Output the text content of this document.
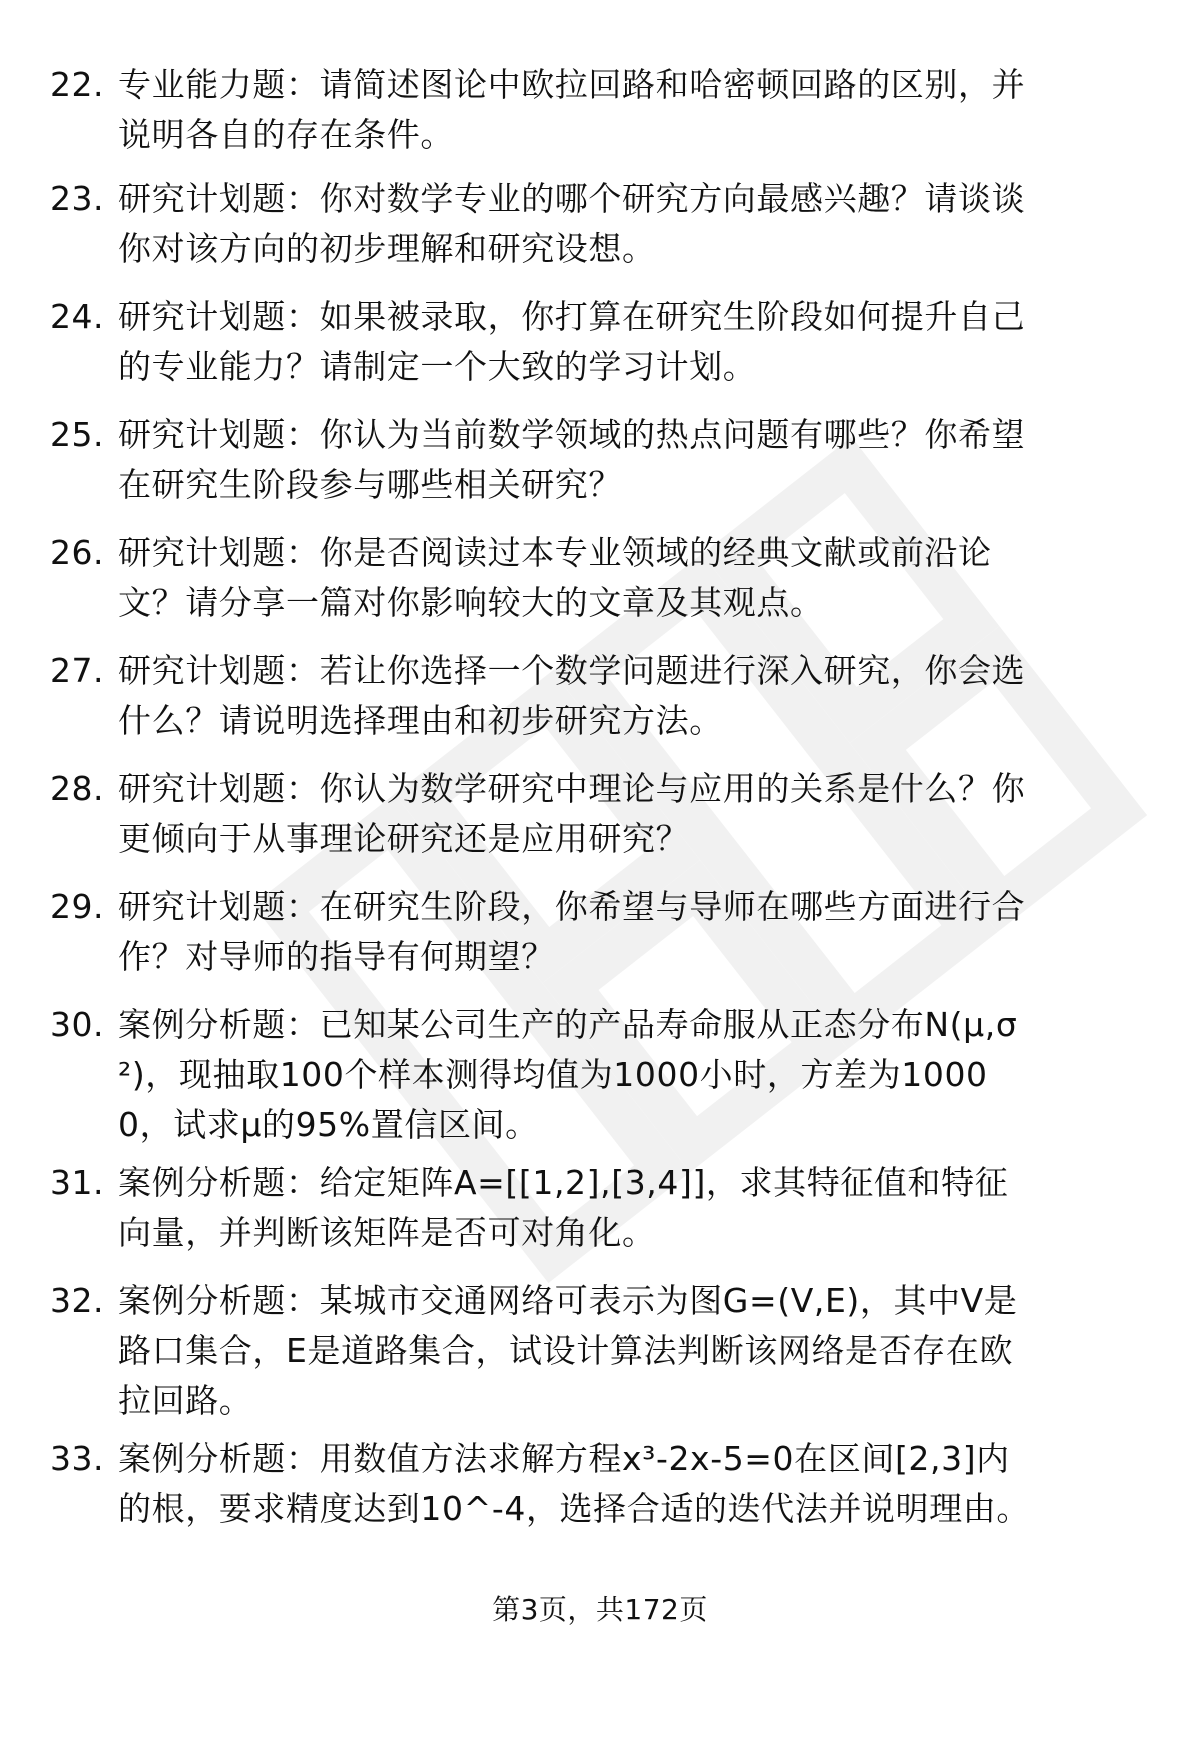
22. 专业能力题：请简述图论中欧拉回路和哈密顿回路的区别，并说明各自的存在条件。
23. 研究计划题：你对数学专业的哪个研究方向最感兴趣？请谈谈你对该方向的初步理解和研究设想。
24. 研究计划题：如果被录取，你打算在研究生阶段如何提升自己的专业能力？请制定一个大致的学习计划。
25. 研究计划题：你认为当前数学领域的热点问题有哪些？你希望在研究生阶段参与哪些相关研究？
26. 研究计划题：你是否阅读过本专业领域的经典文献或前沿论文？请分享一篇对你影响较大的文章及其观点。
27. 研究计划题：若让你选择一个数学问题进行深入研究，你会选什么？请说明选择理由和初步研究方法。
28. 研究计划题：你认为数学研究中理论与应用的关系是什么？你更倾向于从事理论研究还是应用研究？
29. 研究计划题：在研究生阶段，你希望与导师在哪些方面进行合作？对导师的指导有何期望？
30. 案例分析题：已知某公司生产的产品寿命服从正态分布N(μ,σ²)，现抽取100个样本测得均值为1000小时，方差为10000，试求μ的95%置信区间。
31. 案例分析题：给定矩阵A=[[1,2],[3,4]]，求其特征值和特征向量，并判断该矩阵是否可对角化。
32. 案例分析题：某城市交通网络可表示为图G=(V,E)，其中V是路口集合，E是道路集合，试设计算法判断该网络是否存在欧拉回路。
33. 案例分析题：用数值方法求解方程x³-2x-5=0在区间[2,3]内的根，要求精度达到10^-4，选择合适的迭代法并说明理由。
第3页，共172页
